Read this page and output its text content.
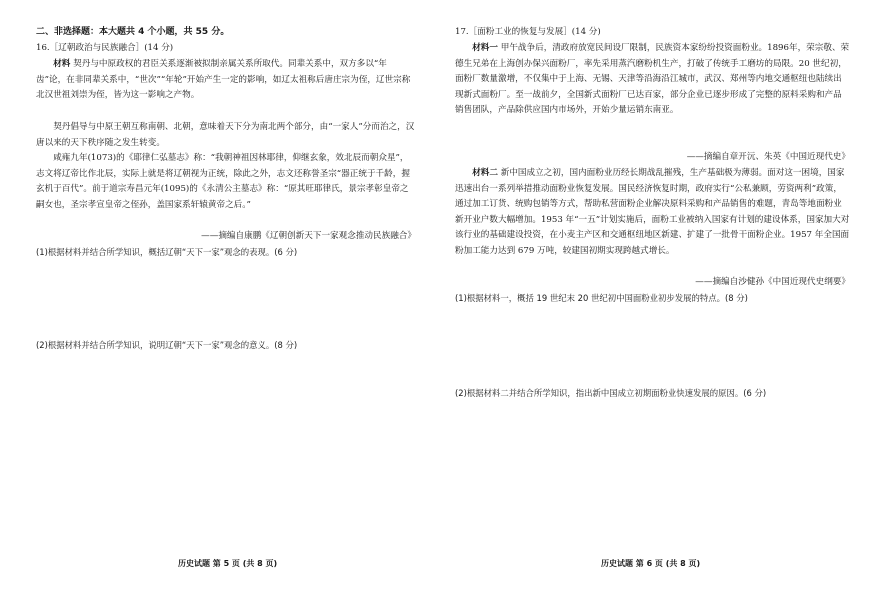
二、非选择题：本大题共 4 个小题，共 55 分。
16.［辽朝政治与民族融合］(14 分)
材料 契丹与中原政权的君臣关系逐渐被拟制亲属关系所取代。同辈关系中，双方多以“年齿”论，在非同辈关系中，“世次”“年轮”开始产生一定的影响，如辽太祖称后唐庄宗为侄，辽世宗称北汉世祖刘崇为侄，皆为这一影响之产物。
契丹倡导与中原王朝互称南朝、北朝，意味着天下分为南北两个部分，由“一家人”分而治之，汉唐以来的天下秩序随之发生转变。
咸雍九年(1073)的《耶律仁弘墓志》称：“我朝神祖因林耶律，仰继玄象，效北辰而朝众星”，志文将辽帝比作北辰，实际上就是将辽朝视为正统，除此之外，志文还称誉圣宗“器正统于千龄，握玄机于百代”。前于道宗寿昌元年(1095)的《永清公主墓志》称：“原其旺耶律氏，景宗孝彰皇帝之嗣女也，圣宗孝宣皇帝之侄孙，盖国家系轩辕黄帝之后。”
——摘编自康鹏《辽朝创新天下一家观念推动民族融合》
(1)根据材料并结合所学知识，概括辽朝“天下一家”观念的表现。(6 分)
(2)根据材料并结合所学知识，说明辽朝“天下一家”观念的意义。(8 分)
历史试题 第 5 页 (共 8 页)
17.［面粉工业的恢复与发展］(14 分)
材料一 甲午战争后，清政府放宽民间设厂限制，民族资本家纷纷投资面粉业。1896年，荣宗敬、荣德生兄弟在上海创办保兴面粉厂，率先采用蒸汽磨粉机生产，打破了传统手工磨坊的局限。20 世纪初，面粉厂数量激增，不仅集中于上海、无锡、天津等沿海沿江城市，武汉、郑州等内地交通枢纽也陆续出现新式面粉厂。至一战前夕，全国新式面粉厂已达百家，部分企业已逐步形成了完整的原料采购和产品销售团队，产品除供应国内市场外，开始少量运销东南亚。
——摘编自章开沅、朱英《中国近现代史》
材料二 新中国成立之初，国内面粉业历经长期战乱摧残，生产基础极为薄弱。面对这一困境，国家迅速出台一系列举措推动面粉业恢复发展。国民经济恢复时期，政府实行“公私兼顾，劳资两利”政策，通过加工订货、统购包销等方式，帮助私营面粉企业解决原料采购和产品销售的难题，青岛等地面粉业新开业户数大幅增加。1953 年“一五”计划实施后，面粉工业被纳入国家有计划的建设体系，国家加大对该行业的基础建设投资，在小麦主产区和交通枢纽地区新建、扩建了一批骨干面粉企业。1957 年全国面粉加工能力达到 679 万吨，较建国初期实现跨越式增长。
——摘编自沙健孙《中国近现代史纲要》
(1)根据材料一，概括 19 世纪末 20 世纪初中国面粉业初步发展的特点。(8 分)
(2)根据材料二并结合所学知识，指出新中国成立初期面粉业快速发展的原因。(6 分)
历史试题 第 6 页 (共 8 页)
